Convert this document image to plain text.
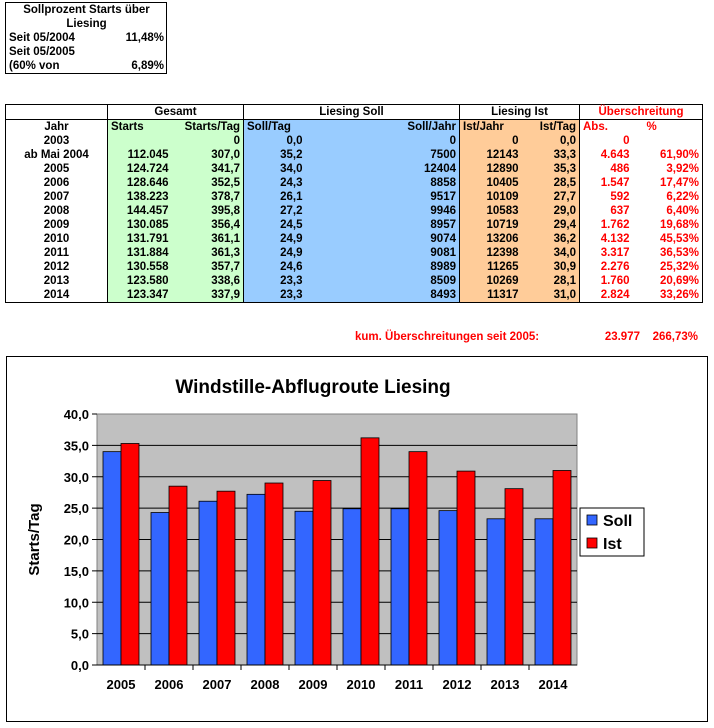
Sollprozent Starts über
Liesing
Seit 05/2004	11,48%
Seit 05/2005
(60% von	6,89%
	Gesamt		Liesing Soll		Liesing Ist		Überschreitung	
Jahr	Starts	Starts/Tag	Soll/Tag	Soll/Jahr	Ist/Jahr	Ist/Tag	Abs.	%
2003		0	0,0	0	0	0,0	0	
ab Mai 2004	112.045	307,0	35,2	7500	12143	33,3	4.643	61,90%
2005	124.724	341,7	34,0	12404	12890	35,3	486	3,92%
2006	128.646	352,5	24,3	8858	10405	28,5	1.547	17,47%
2007	138.223	378,7	26,1	9517	10109	27,7	592	6,22%
2008	144.457	395,8	27,2	9946	10583	29,0	637	6,40%
2009	130.085	356,4	24,5	8957	10719	29,4	1.762	19,68%
2010	131.791	361,1	24,9	9074	13206	36,2	4.132	45,53%
2011	131.884	361,3	24,9	9081	12398	34,0	3.317	36,53%
2012	130.558	357,7	24,6	8989	11265	30,9	2.276	25,32%
2013	123.580	338,6	23,3	8509	10269	28,1	1.760	20,69%
2014	123.347	337,9	23,3	8493	11317	31,0	2.824	33,26%
kum. Überschreitungen seit 2005:	23.977 266,73%
Windstille-Abflugroute Liesing
0,0
5,0
10,0
15,0
20,0
25,0
30,0
35,0
40,0
Starts/Tag
2005 2006 2007 2008 2009 2010 2011 2012 2013 2014
Soll
Ist
